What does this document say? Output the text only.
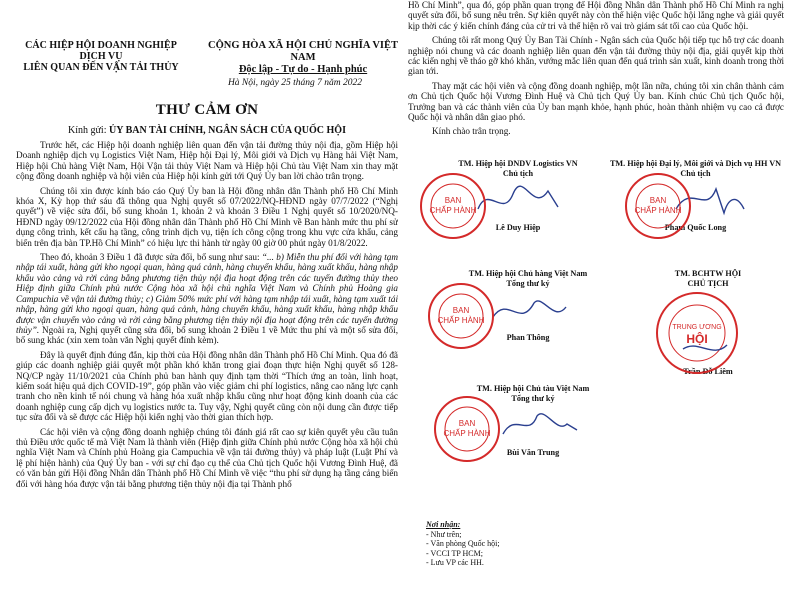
CÁC HIỆP HỘI DOANH NGHIỆP DỊCH VỤ
LIÊN QUAN ĐẾN VẬN TẢI THỦY
CỘNG HÒA XÃ HỘI CHỦ NGHĨA VIỆT NAM
Độc lập - Tự do - Hạnh phúc
Hà Nội, ngày 25 tháng 7 năm 2022
THƯ CẢM ƠN
Kính gửi: ỦY BAN TÀI CHÍNH, NGÂN SÁCH CỦA QUỐC HỘI

Trước hết, các Hiệp hội doanh nghiệp liên quan đến vận tải đường thủy nội địa, gồm Hiệp hội Doanh nghiệp dịch vụ Logistics Việt Nam, Hiệp hội Đại lý, Môi giới và Dịch vụ Hàng hải Việt Nam, Hiệp hội Chủ hàng Việt Nam, Hội Vận tải thủy Việt Nam và Hiệp hội Chủ tàu Việt Nam xin thay mặt cộng đồng doanh nghiệp và hội viên của Hiệp hội kính gửi tới Quý Ủy ban lời chào trân trọng.

Chúng tôi xin được kính báo cáo Quý Ủy ban là Hội đồng nhân dân Thành phố Hồ Chí Minh khóa X, Kỳ họp thứ sáu đã thông qua Nghị quyết số 07/2022/NQ-HĐND ngày 07/7/2022 (“Nghị quyết”) về việc sửa đổi, bổ sung khoản 1, khoản 2 và khoản 3 Điều 1 Nghị quyết số 10/2020/NQ-HĐND ngày 09/12/2022 của Hội đồng nhân dân Thành phố Hồ Chí Minh về Ban hành mức thu phí sử dụng công trình, kết cấu hạ tầng, công trình dịch vụ, tiện ích công cộng trong khu vực cửa khẩu, cảng biển trên địa bàn TP.Hồ Chí Minh” có hiệu lực thi hành từ ngày 00 giờ 00 phút ngày 01/8/2022.

Theo đó, khoản 3 Điều 1 đã được sửa đổi, bổ sung như sau: “... b) Miễn thu phí đối với hàng tạm nhập tái xuất, hàng gửi kho ngoại quan, hàng quá cảnh, hàng chuyển khẩu, hàng xuất khẩu, hàng nhập khẩu vào cảng và rời cảng bằng phương tiện thủy nội địa hoạt động trên các tuyến đường thủy theo Hiệp định giữa Chính phủ nước Cộng hòa xã hội chủ nghĩa Việt Nam và Chính phủ Hoàng gia Campuchia về vận tải đường thủy; c) Giảm 50% mức phí với hàng tạm nhập tái xuất, hàng tạm xuất tái nhập, hàng gửi kho ngoại quan, hàng quá cảnh, hàng chuyển khẩu, hàng xuất khẩu, hàng nhập khẩu được vận chuyển vào cảng và rời cảng bằng phương tiện thủy nội địa hoạt động trên các tuyến đường thủy”. Ngoài ra, Nghị quyết cũng sửa đổi, bổ sung khoản 2 Điều 1 về Mức thu phí và một số sửa đổi, bổ sung khác (xin xem toàn văn Nghị quyết đính kèm).

Đây là quyết định đúng đắn, kịp thời của Hội đồng nhân dân Thành phố Hồ Chí Minh. Qua đó đã giúp các doanh nghiệp giải quyết một phần khó khăn trong giai đoạn thực hiện Nghị quyết số 128-NQ/CP ngày 11/10/2021 của Chính phủ ban hành quy định tạm thời “Thích ứng an toàn, linh hoạt, kiểm soát hiệu quả dịch COVID-19”, góp phần vào việc giảm chi phí logistics, nâng cao năng lực cạnh tranh cho nền kinh tế nói chung và hàng hóa xuất nhập khẩu cũng như hoạt động kinh doanh của các doanh nghiệp cung cấp dịch vụ logistics nước ta. Tuy vậy, Nghị quyết cũng còn nội dung cần được tiếp tục sửa đổi và sẽ được các Hiệp hội kiến nghị vào thời gian thích hợp.

Các hội viên và cộng đồng doanh nghiệp chúng tôi đánh giá rất cao sự kiên quyết yêu cầu tuân thủ Điều ước quốc tế mà Việt Nam là thành viên (Hiệp định giữa Chính phủ nước Cộng hòa xã hội chủ nghĩa Việt Nam và Chính phủ Hoàng gia Campuchia về vận tải đường thủy) và pháp luật (Luật Phí và lệ phí hiện hành) của Quý Ủy ban - với sự chỉ đạo cụ thể của Chủ tịch Quốc hội Vương Đình Huệ, đã có văn bản gửi Hội đồng Nhân dân Thành phố Hồ Chí Minh về việc “thu phí sử dụng hạ tầng cảng biển đối với hàng hóa được vận tải bằng phương tiện thủy nội địa tại Thành phố

Hồ Chí Minh”, qua đó, góp phần quan trọng để Hội đồng Nhân dân Thành phố Hồ Chí Minh ra nghị quyết sửa đổi, bổ sung nêu trên. Sự kiên quyết này còn thể hiện việc Quốc hội lắng nghe và giải quyết kịp thời các ý kiến chính đáng của cử tri và thể hiện rõ vai trò giám sát tối cao của Quốc hội.

Chúng tôi rất mong Quý Ủy Ban Tài Chính - Ngân sách của Quốc hội tiếp tục hỗ trợ các doanh nghiệp nói chung và các doanh nghiệp liên quan đến vận tải đường thủy nội địa, giải quyết kịp thời các kiến nghị về tháo gỡ khó khăn, vướng mắc liên quan đến quá trình sản xuất, kinh doanh trong thời gian tới.

Thay mặt các hội viên và cộng đồng doanh nghiệp, một lần nữa, chúng tôi xin chân thành cảm ơn Chủ tịch Quốc hội Vương Đình Huệ và Chủ tịch Quý Ủy ban. Kính chúc Chủ tịch Quốc hội, Trưởng ban và các thành viên của Ủy ban mạnh khỏe, hạnh phúc, hoàn thành nhiệm vụ cao cả được Quốc hội và nhân dân giao phó.

Kính chào trân trọng.

TM. Hiệp hội DNDV Logistics VN
Chủ tịch
Lê Duy Hiệp
BAN
CHẤP HÀNH
TM. Hiệp hội Đại lý, Môi giới và Dịch vụ HH VN
Chủ tịch
Phạm Quốc Long
BAN
CHẤP HÀNH
TM. Hiệp hội Chủ hàng Việt Nam
Tổng thư ký
Phan Thông
BAN
CHẤP HÀNH
TM. BCHTW HỘI
CHỦ TỊCH
Trần Đỗ Liêm
TRUNG ƯƠNG
HỘI
TM. Hiệp hội Chủ tàu Việt Nam
Tổng thư ký
Bùi Văn Trung
BAN
CHẤP HÀNH
Nơi nhận:
- Như trên;
- Văn phòng Quốc hội;
- VCCI TP HCM;
- Lưu VP các HH.
